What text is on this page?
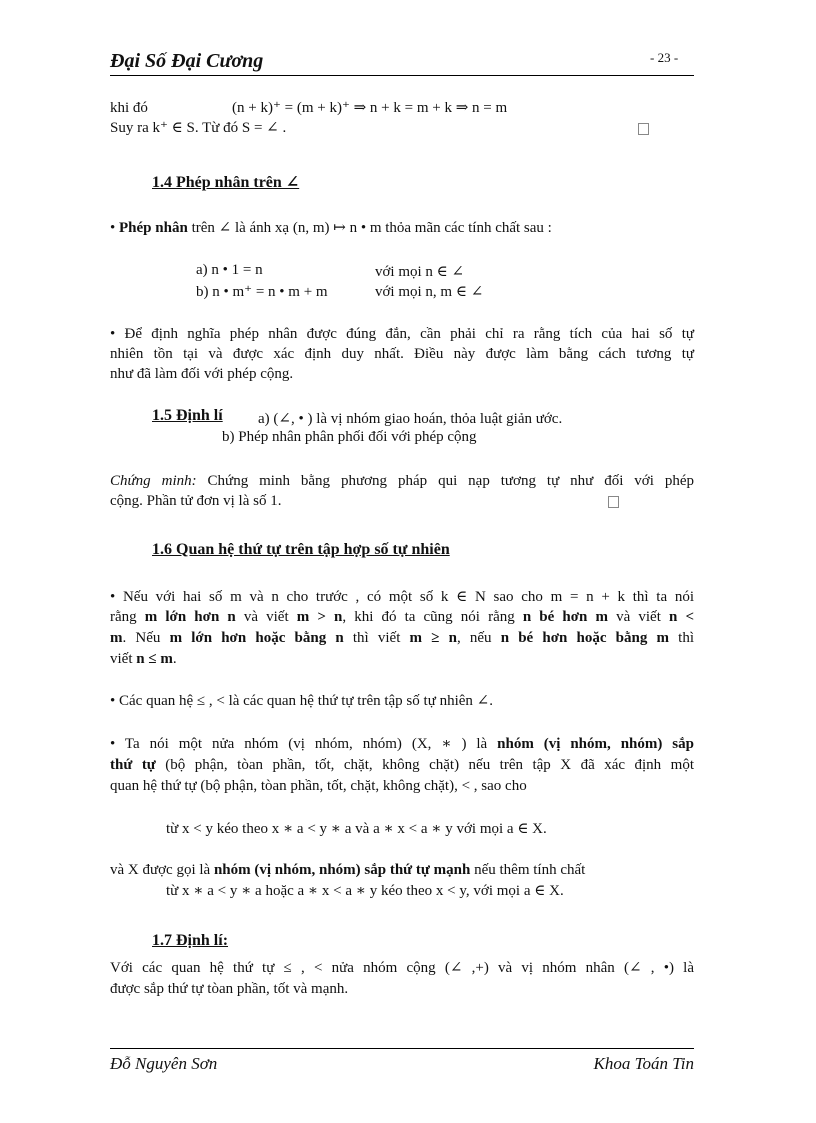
Đại Số Đại Cương	- 23 -
khi đó	(n + k)⁺ = (m + k)⁺ ⇒ n + k = m + k ⇒ n = m
Suy ra k⁺ ∈ S. Từ đó S = ∠ .
1.4 Phép nhân trên ∠
• Phép nhân trên ∠ là ánh xạ (n, m) ↦ n • m thỏa mãn các tính chất sau :
a) n • 1 = n	với mọi n ∈ ∠
b) n • m⁺ = n • m + m	với mọi n, m ∈ ∠
• Để định nghĩa phép nhân được đúng đắn, cần phải chỉ ra rằng tích của hai số tự
nhiên tồn tại và được xác định duy nhất. Điều này được làm bằng cách tương tự
như đã làm đối với phép cộng.
1.5 Định lí a) (∠, • ) là vị nhóm giao hoán, thỏa luật giản ước.
b) Phép nhân phân phối đối với phép cộng
Chứng minh: Chứng minh bằng phương pháp qui nạp tương tự như đối với phép
cộng. Phần tử đơn vị là số 1.
1.6 Quan hệ thứ tự trên tập hợp số tự nhiên
• Nếu với hai số m và n cho trước , có một số k ∈ N sao cho m = n + k thì ta nói
rằng m lớn hơn n và viết m > n, khi đó ta cũng nói rằng n bé hơn m và viết n <
m. Nếu m lớn hơn hoặc bằng n thì viết m ≥ n, nếu n bé hơn hoặc bằng m thì
viết n ≤ m.
• Các quan hệ ≤ , < là các quan hệ thứ tự trên tập số tự nhiên ∠.
• Ta nói một nửa nhóm (vị nhóm, nhóm) (X, ∗ ) là nhóm (vị nhóm, nhóm) sắp
thứ tự (bộ phận, tòan phần, tốt, chặt, không chặt) nếu trên tập X đã xác định một
quan hệ thứ tự (bộ phận, tòan phần, tốt, chặt, không chặt), < , sao cho
từ x < y kéo theo x ∗ a < y ∗ a và a ∗ x < a ∗ y với mọi a ∈ X.
và X được gọi là nhóm (vị nhóm, nhóm) sắp thứ tự mạnh nếu thêm tính chất
từ x ∗ a < y ∗ a hoặc a ∗ x < a ∗ y kéo theo x < y, với mọi a ∈ X.
1.7 Định lí:
Với các quan hệ thứ tự ≤ , < nửa nhóm cộng (∠ ,+) và vị nhóm nhân (∠ , •) là
được sắp thứ tự tòan phần, tốt và mạnh.
Đỗ Nguyên Sơn	Khoa Toán Tin
